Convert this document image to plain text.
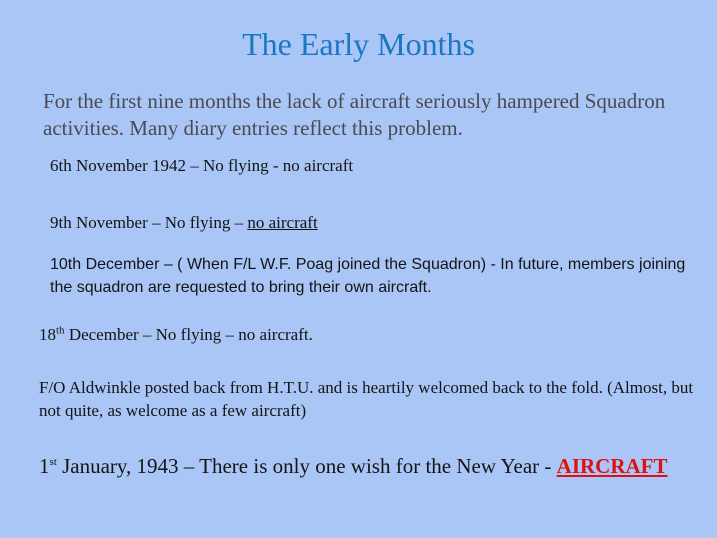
The Early Months
For the first nine months the lack of aircraft seriously hampered Squadron activities. Many diary entries reflect this problem.
6th November 1942 – No flying - no aircraft
9th November – No flying – no aircraft
10th December – ( When F/L W.F. Poag joined the Squadron) - In future, members joining the squadron are requested to bring their own aircraft.
18th December – No flying – no aircraft.
F/O Aldwinkle posted back from H.T.U. and is heartily welcomed back to the fold. (Almost, but not quite, as welcome as a few aircraft)
1st January, 1943 – There is only one wish for the New Year - AIRCRAFT
